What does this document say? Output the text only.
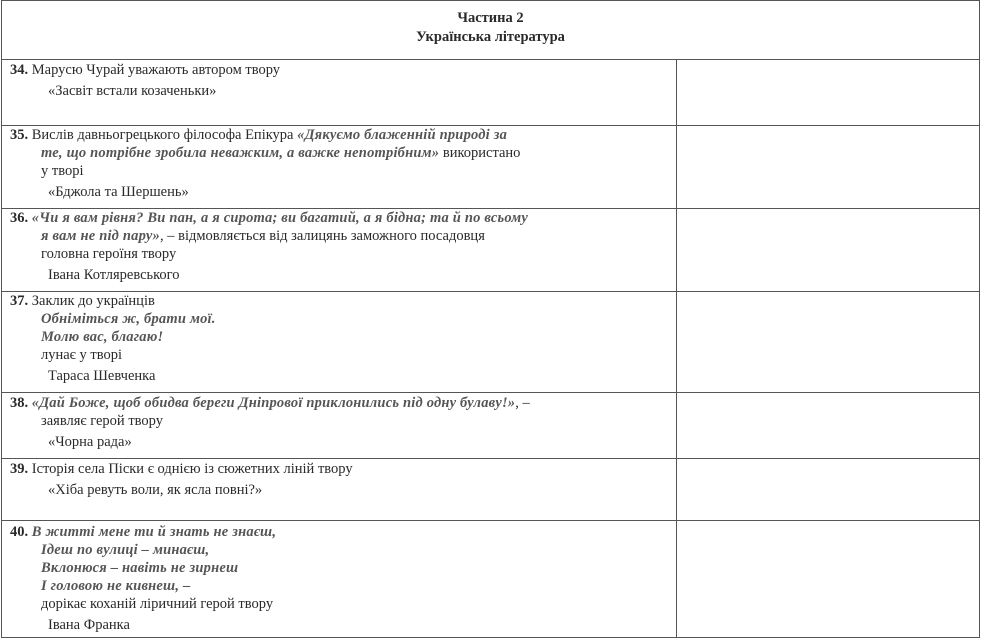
Частина 2
Українська література
34. Марусю Чурай уважають автором твору
«Засвіт встали козаченьки»
35. Вислів давньогрецького філософа Епікура «Дякуємо блаженній природі за
те, що потрібне зробила неважким, а важке непотрібним» використано
у творі
«Бджола та Шершень»
36. «Чи я вам рівня? Ви пан, а я сирота; ви багатий, а я бідна; та й по всьому
я вам не під пару», – відмовляється від залицянь заможного посадовця
головна героїня твору
Івана Котляревського
37. Заклик до українців
Обніміться ж, брати мої.
Молю вас, благаю!
лунає у творі
Тараса Шевченка
38. «Дай Боже, щоб обидва береги Дніпрової приклонились під одну булаву!», –
заявляє герой твору
«Чорна рада»
39. Історія села Піски є однією із сюжетних ліній твору
«Хіба ревуть воли, як ясла повні?»
40. В житті мене ти й знать не знаєш,
Ідеш по вулиці – минаєш,
Вклонюся – навіть не зирнеш
І головою не кивнеш, –
дорікає коханій ліричний герой твору
Івана Франка
